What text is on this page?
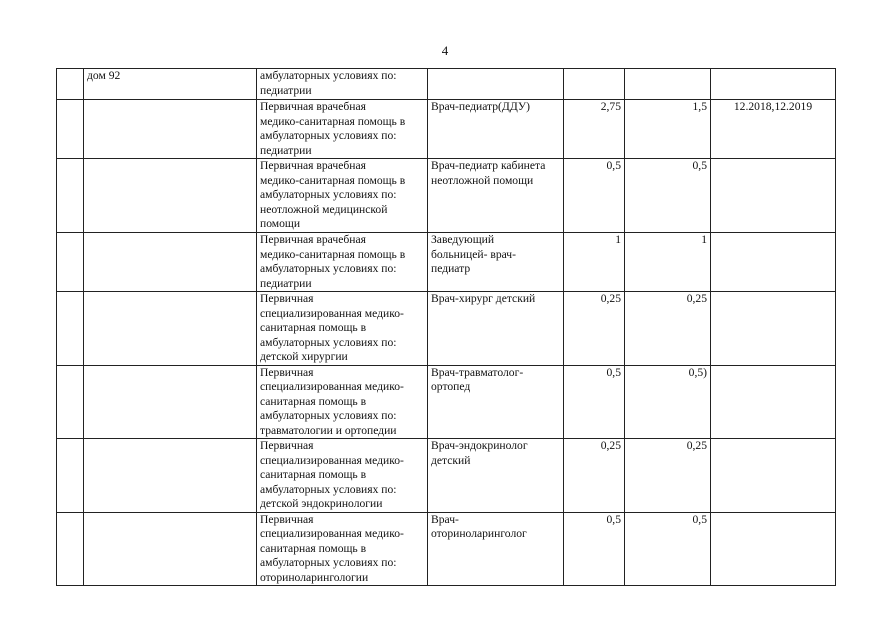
4
	дом 92	амбулаторных условиях по:
педиатрии				
		Первичная врачебная
медико-санитарная помощь в
амбулаторных условиях по:
педиатрии	Врач-педиатр(ДДУ)	2,75	1,5	12.2018,12.2019
		Первичная врачебная
медико-санитарная помощь в
амбулаторных условиях по:
неотложной медицинской
помощи	Врач-педиатр кабинета
неотложной помощи	0,5	0,5	
		Первичная врачебная
медико-санитарная помощь в
амбулаторных условиях по:
педиатрии	Заведующий
больницей- врач-
педиатр	1	1	
		Первичная
специализированная медико-
санитарная помощь в
амбулаторных условиях по:
детской хирургии	Врач-хирург детский	0,25	0,25	
		Первичная
специализированная медико-
санитарная помощь в
амбулаторных условиях по:
травматологии и ортопедии	Врач-травматолог-
ортопед	0,5	0,5)	
		Первичная
специализированная медико-
санитарная помощь в
амбулаторных условиях по:
детской эндокринологии	Врач-эндокринолог
детский	0,25	0,25	
		Первичная
специализированная медико-
санитарная помощь в
амбулаторных условиях по:
оториноларингологии	Врач-
оториноларинголог	0,5	0,5	
